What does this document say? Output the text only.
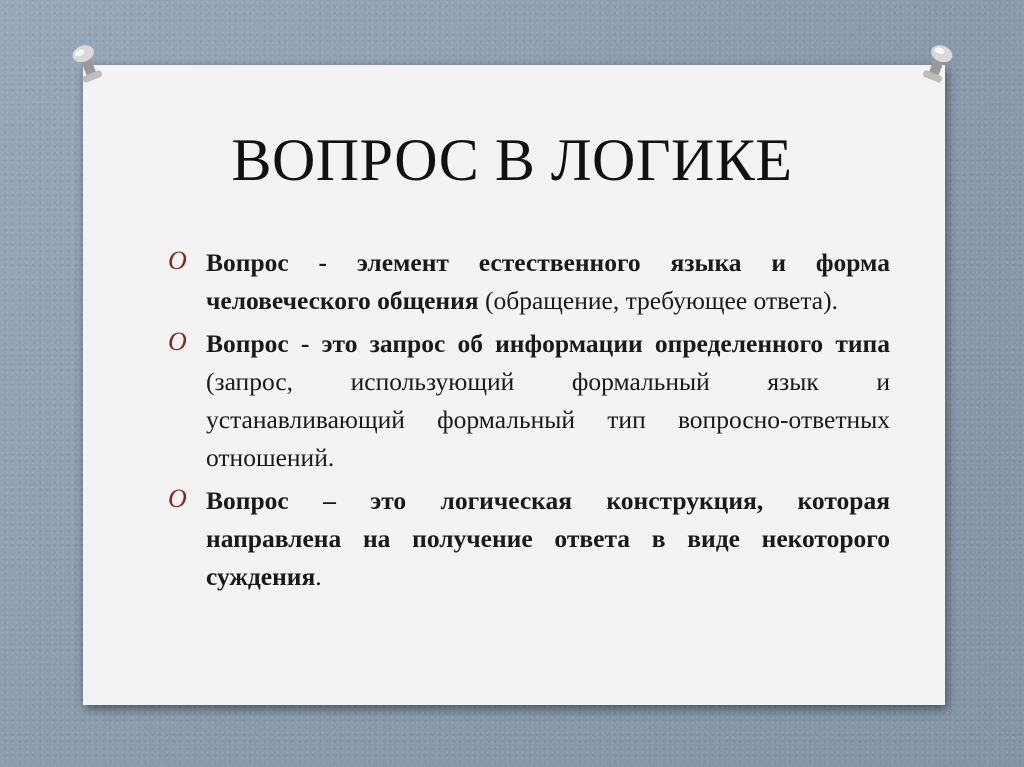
ВОПРОС В ЛОГИКЕ
O Вопрос - элемент естественного языка и форма человеческого общения (обращение, требующее ответа).
O Вопрос - это запрос об информации определенного типа (запрос, использующий формальный язык и устанавливающий формальный тип вопросно-ответных отношений.
O Вопрос – это логическая конструкция, которая направлена на получение ответа в виде некоторого суждения.
